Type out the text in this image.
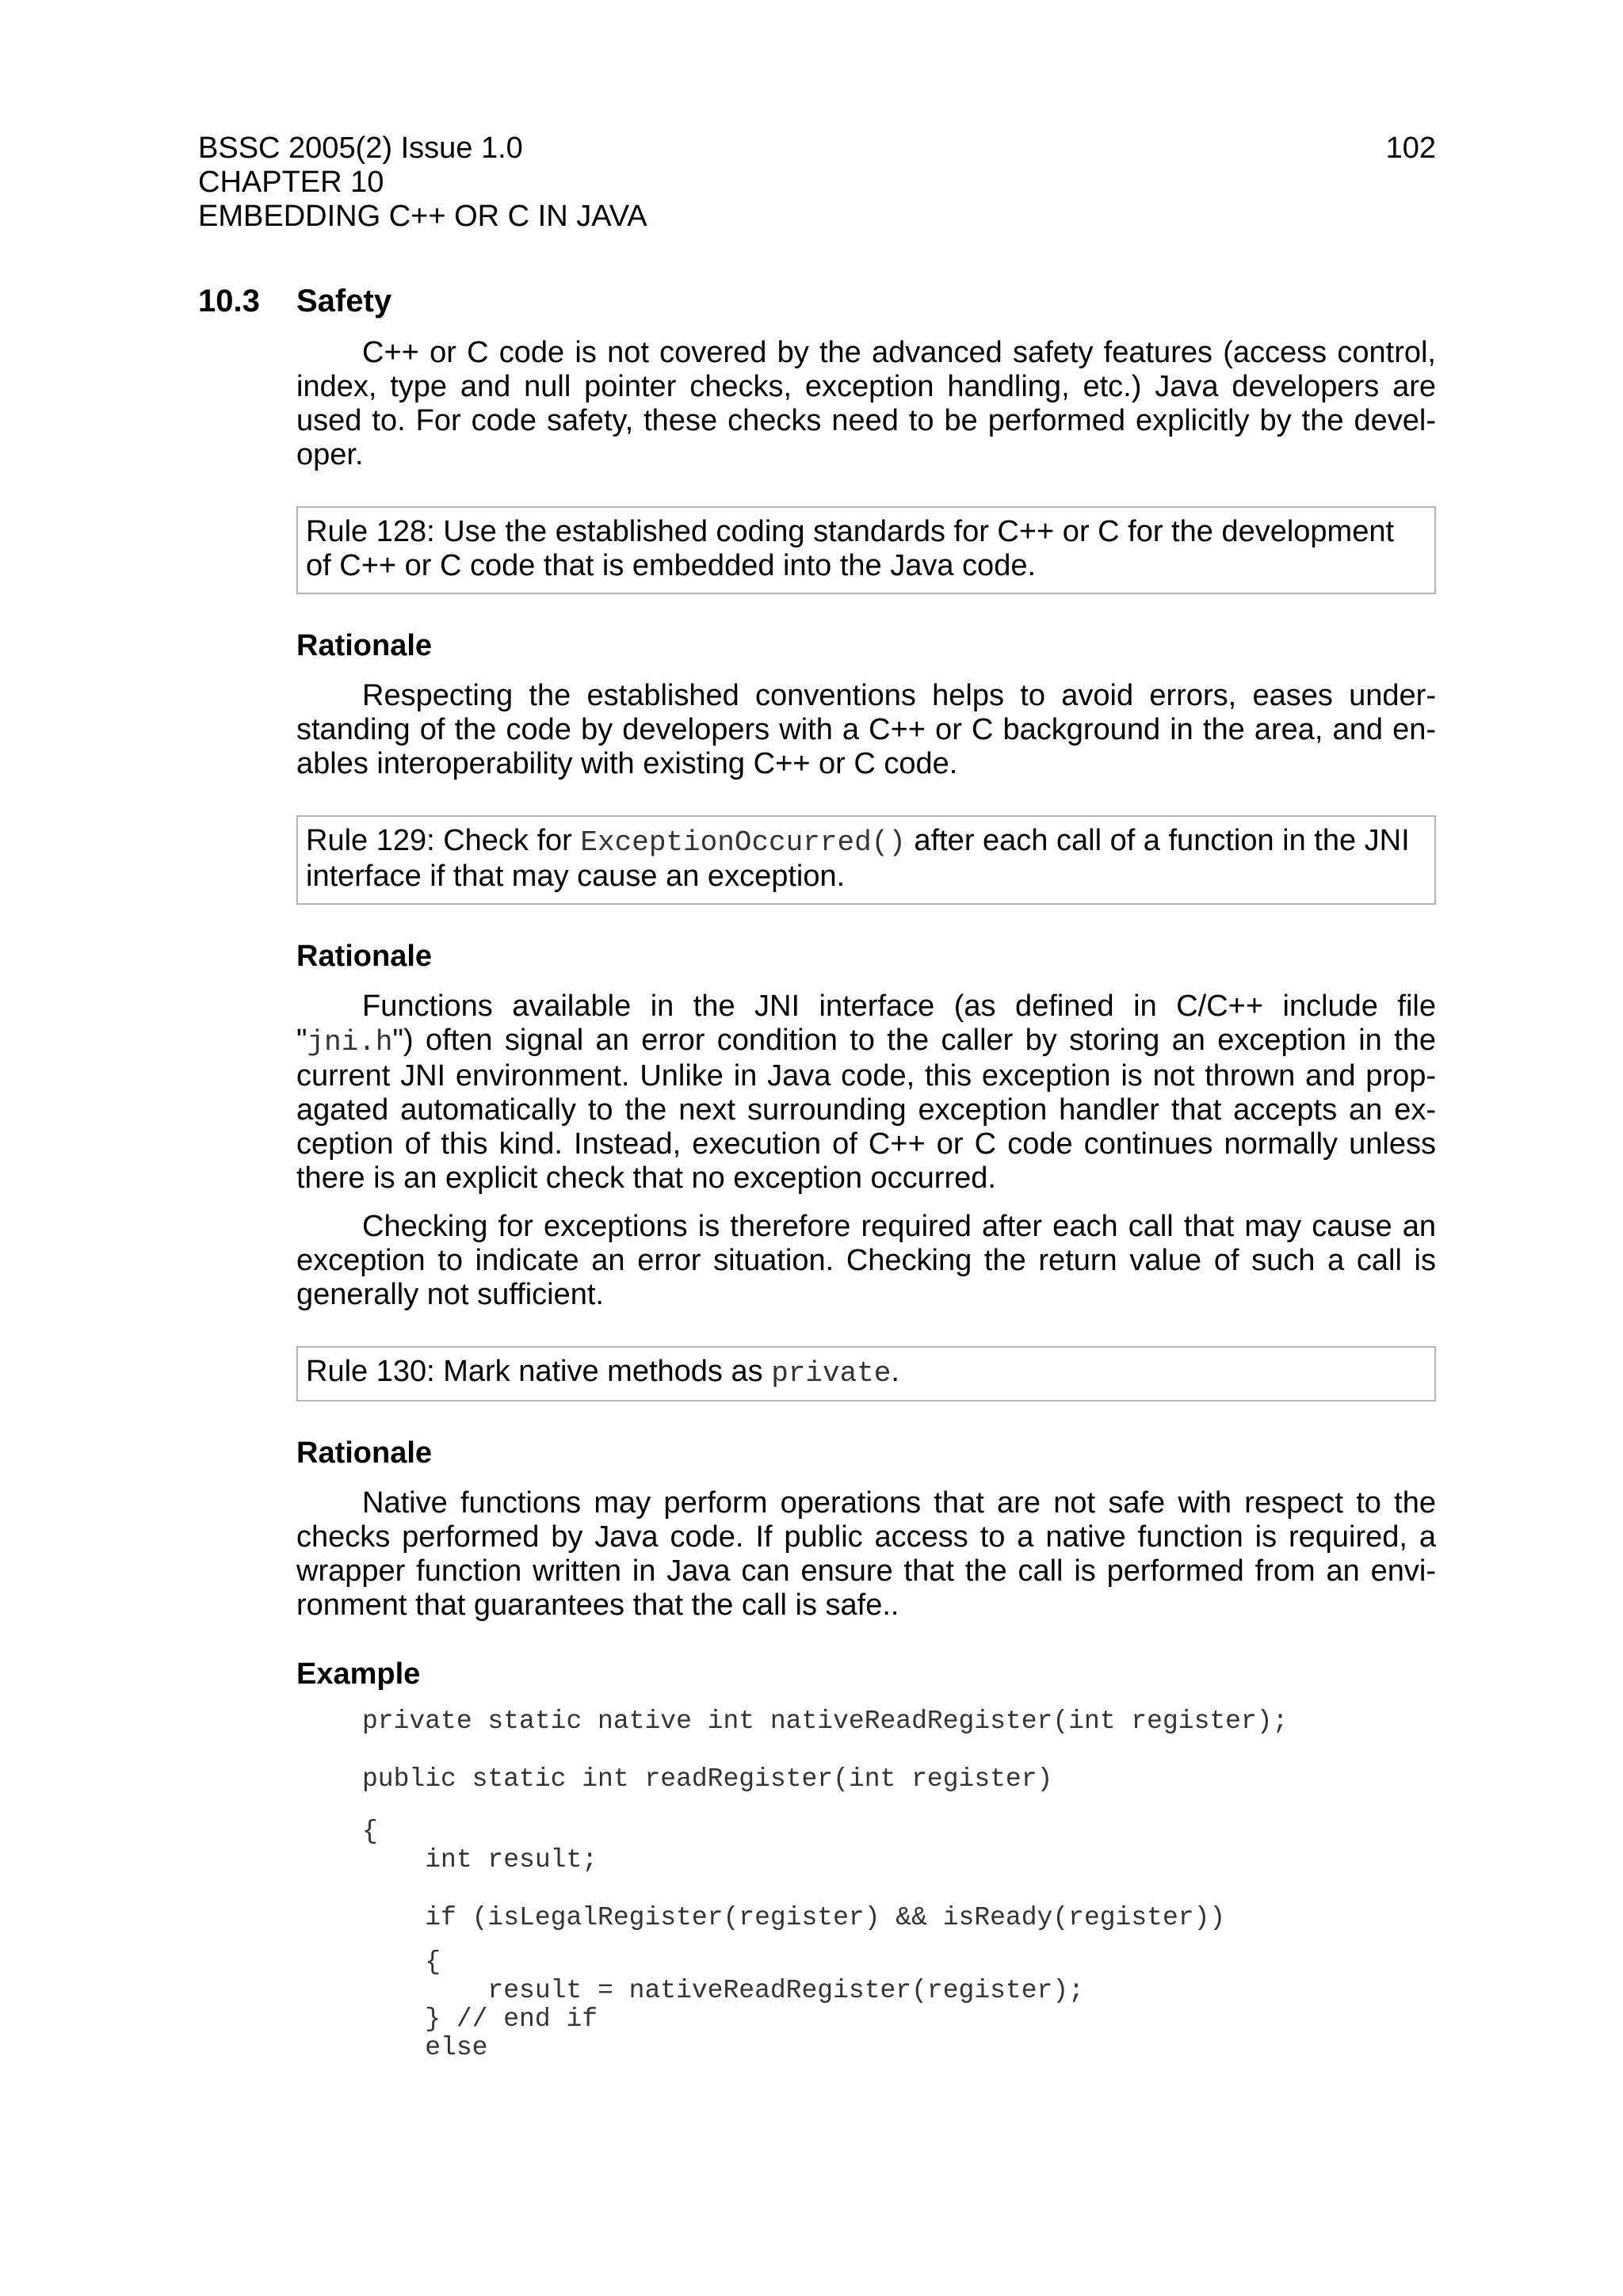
BSSC 2005(2) Issue 1.0
CHAPTER 10
EMBEDDING C++ OR C IN JAVA
102
10.3 Safety

C++ or C code is not covered by the advanced safety features (access control, index, type and null pointer checks, exception handling, etc.) Java developers are used to. For code safety, these checks need to be performed explicitly by the developer.

Rule 128: Use the established coding standards for C++ or C for the development of C++ or C code that is embedded into the Java code.
Rationale

Respecting the established conventions helps to avoid errors, eases understanding of the code by developers with a C++ or C background in the area, and enables interoperability with existing C++ or C code.

Rule 129: Check for ExceptionOccurred() after each call of a function in the JNI interface if that may cause an exception.
Rationale

Functions available in the JNI interface (as defined in C/C++ include file "jni.h") often signal an error condition to the caller by storing an exception in the current JNI environment. Unlike in Java code, this exception is not thrown and propagated automatically to the next surrounding exception handler that accepts an exception of this kind. Instead, execution of C++ or C code continues normally unless there is an explicit check that no exception occurred.

Checking for exceptions is therefore required after each call that may cause an exception to indicate an error situation. Checking the return value of such a call is generally not sufficient.

Rule 130: Mark native methods as private.
Rationale

Native functions may perform operations that are not safe with respect to the checks performed by Java code. If public access to a native function is required, a wrapper function written in Java can ensure that the call is performed from an environment that guarantees that the call is safe..

Example
private static native int nativeReadRegister(int register);
public static int readRegister(int register)
{
int result;
if (isLegalRegister(register) && isReady(register))
{
result = nativeReadRegister(register);
} // end if
else
